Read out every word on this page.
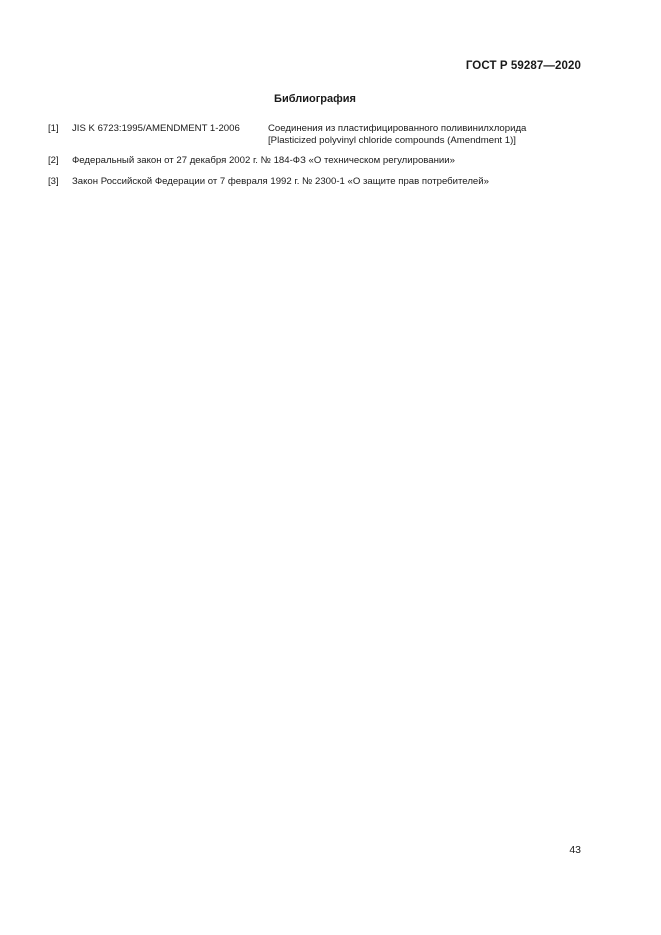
ГОСТ Р 59287—2020
Библиография
[1] JIS K 6723:1995/AMENDMENT 1-2006	Соединения из пластифицированного поливинилхлорида
[Plasticized polyvinyl chloride compounds (Amendment 1)]
[2] Федеральный закон от 27 декабря 2002 г. № 184-ФЗ «О техническом регулировании»
[3] Закон Российской Федерации от 7 февраля 1992 г. № 2300-1 «О защите прав потребителей»
43
